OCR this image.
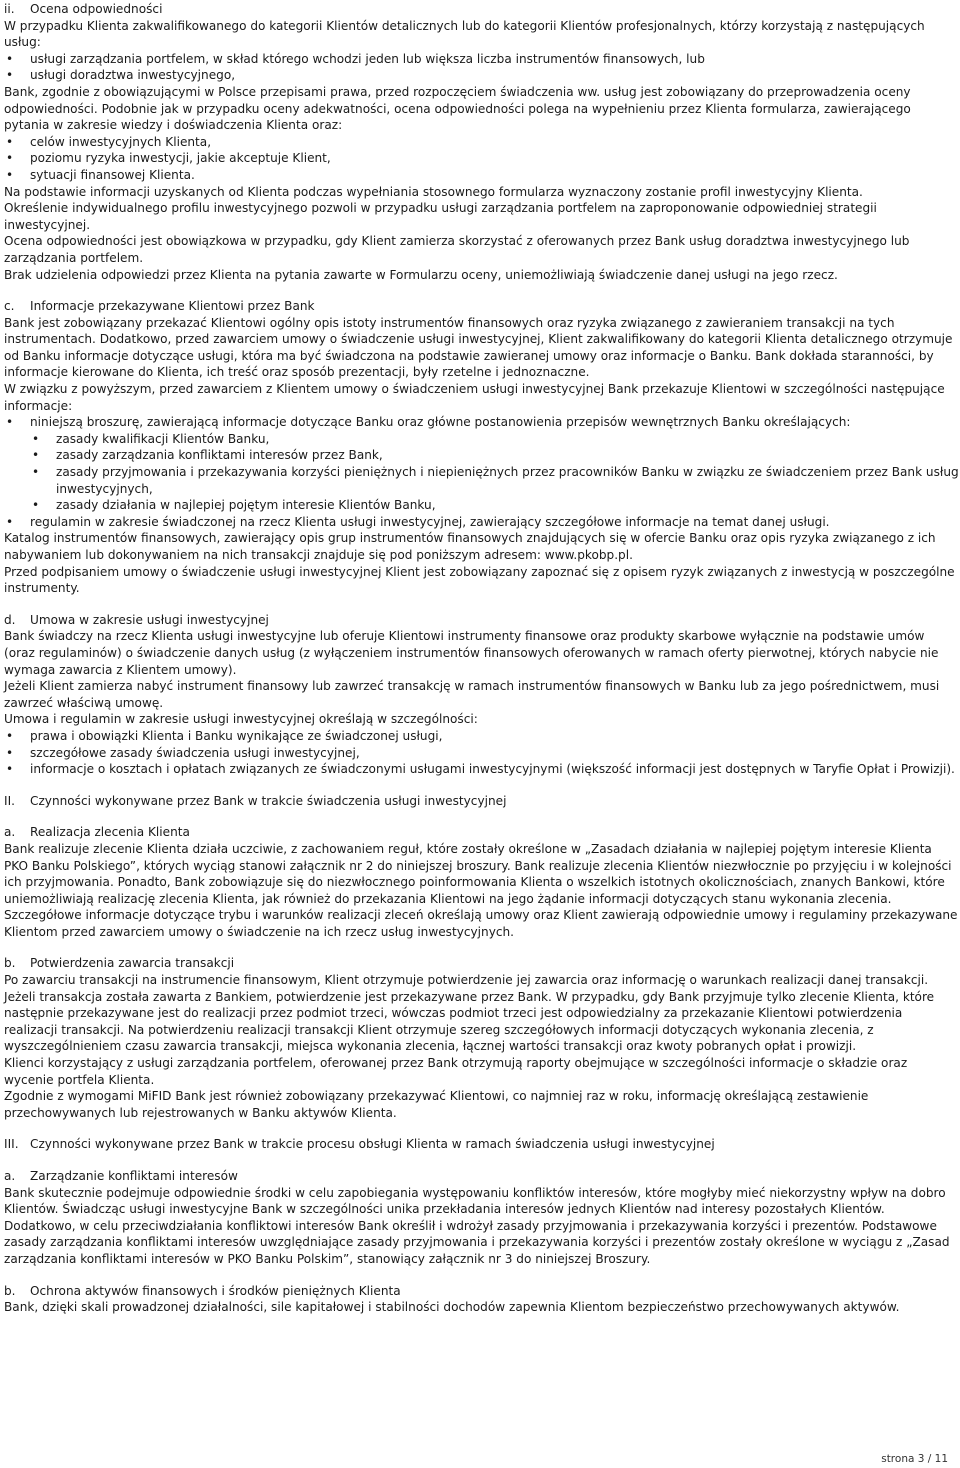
ii. Ocena odpowiedności

W przypadku Klienta zakwalifikowanego do kategorii Klientów detalicznych lub do kategorii Klientów profesjonalnych, którzy korzystają z następujących usług:

• usługi zarządzania portfelem, w skład którego wchodzi jeden lub większa liczba instrumentów finansowych, lub
• usługi doradztwa inwestycyjnego,

Bank, zgodnie z obowiązującymi w Polsce przepisami prawa, przed rozpoczęciem świadczenia ww. usług jest zobowiązany do przeprowadzenia oceny odpowiedności. Podobnie jak w przypadku oceny adekwatności, ocena odpowiedności polega na wypełnieniu przez Klienta formularza, zawierającego pytania w zakresie wiedzy i doświadczenia Klienta oraz:

• celów inwestycyjnych Klienta,
• poziomu ryzyka inwestycji, jakie akceptuje Klient,
• sytuacji finansowej Klienta.

Na podstawie informacji uzyskanych od Klienta podczas wypełniania stosownego formularza wyznaczony zostanie profil inwestycyjny Klienta.

Określenie indywidualnego profilu inwestycyjnego pozwoli w przypadku usługi zarządzania portfelem na zaproponowanie odpowiedniej strategii inwestycyjnej.

Ocena odpowiedności jest obowiązkowa w przypadku, gdy Klient zamierza skorzystać z oferowanych przez Bank usług doradztwa inwestycyjnego lub zarządzania portfelem.

Brak udzielenia odpowiedzi przez Klienta na pytania zawarte w Formularzu oceny, uniemożliwiają świadczenie danej usługi na jego rzecz.

c. Informacje przekazywane Klientowi przez Bank

Bank jest zobowiązany przekazać Klientowi ogólny opis istoty instrumentów finansowych oraz ryzyka związanego z zawieraniem transakcji na tych instrumentach. Dodatkowo, przed zawarciem umowy o świadczenie usługi inwestycyjnej, Klient zakwalifikowany do kategorii Klienta detalicznego otrzymuje od Banku informacje dotyczące usługi, która ma być świadczona na podstawie zawieranej umowy oraz informacje o Banku. Bank dokłada staranności, by informacje kierowane do Klienta, ich treść oraz sposób prezentacji, były rzetelne i jednoznaczne.

W związku z powyższym, przed zawarciem z Klientem umowy o świadczeniem usługi inwestycyjnej Bank przekazuje Klientowi w szczególności następujące informacje:

• niniejszą broszurę, zawierającą informacje dotyczące Banku oraz główne postanowienia przepisów wewnętrznych Banku określających:
• zasady kwalifikacji Klientów Banku,
• zasady zarządzania konfliktami interesów przez Bank,
• zasady przyjmowania i przekazywania korzyści pieniężnych i niepieniężnych przez pracowników Banku w związku ze świadczeniem przez Bank usług inwestycyjnych,
• zasady działania w najlepiej pojętym interesie Klientów Banku,
• regulamin w zakresie świadczonej na rzecz Klienta usługi inwestycyjnej, zawierający szczegółowe informacje na temat danej usługi.

Katalog instrumentów finansowych, zawierający opis grup instrumentów finansowych znajdujących się w ofercie Banku oraz opis ryzyka związanego z ich nabywaniem lub dokonywaniem na nich transakcji znajduje się pod poniższym adresem: www.pkobp.pl.

Przed podpisaniem umowy o świadczenie usługi inwestycyjnej Klient jest zobowiązany zapoznać się z opisem ryzyk związanych z inwestycją w poszczególne instrumenty.

d. Umowa w zakresie usługi inwestycyjnej

Bank świadczy na rzecz Klienta usługi inwestycyjne lub oferuje Klientowi instrumenty finansowe oraz produkty skarbowe wyłącznie na podstawie umów (oraz regulaminów) o świadczenie danych usług (z wyłączeniem instrumentów finansowych oferowanych w ramach oferty pierwotnej, których nabycie nie wymaga zawarcia z Klientem umowy).

Jeżeli Klient zamierza nabyć instrument finansowy lub zawrzeć transakcję w ramach instrumentów finansowych w Banku lub za jego pośrednictwem, musi zawrzeć właściwą umowę.

Umowa i regulamin w zakresie usługi inwestycyjnej określają w szczególności:

• prawa i obowiązki Klienta i Banku wynikające ze świadczonej usługi,
• szczegółowe zasady świadczenia usługi inwestycyjnej,
• informacje o kosztach i opłatach związanych ze świadczonymi usługami inwestycyjnymi (większość informacji jest dostępnych w Taryfie Opłat i Prowizji).

II. Czynności wykonywane przez Bank w trakcie świadczenia usługi inwestycyjnej

a. Realizacja zlecenia Klienta

Bank realizuje zlecenie Klienta działa uczciwie, z zachowaniem reguł, które zostały określone w „Zasadach działania w najlepiej pojętym interesie Klienta PKO Banku Polskiego”, których wyciąg stanowi załącznik nr 2 do niniejszej broszury. Bank realizuje zlecenia Klientów niezwłocznie po przyjęciu i w kolejności ich przyjmowania. Ponadto, Bank zobowiązuje się do niezwłocznego poinformowania Klienta o wszelkich istotnych okolicznościach, znanych Bankowi, które uniemożliwiają realizację zlecenia Klienta, jak również do przekazania Klientowi na jego żądanie informacji dotyczących stanu wykonania zlecenia. Szczegółowe informacje dotyczące trybu i warunków realizacji zleceń określają umowy oraz Klient zawierają odpowiednie umowy i regulaminy przekazywane Klientom przed zawarciem umowy o świadczenie na ich rzecz usług inwestycyjnych.

b. Potwierdzenia zawarcia transakcji

Po zawarciu transakcji na instrumencie finansowym, Klient otrzymuje potwierdzenie jej zawarcia oraz informację o warunkach realizacji danej transakcji. Jeżeli transakcja została zawarta z Bankiem, potwierdzenie jest przekazywane przez Bank. W przypadku, gdy Bank przyjmuje tylko zlecenie Klienta, które następnie przekazywane jest do realizacji przez podmiot trzeci, wówczas podmiot trzeci jest odpowiedzialny za przekazanie Klientowi potwierdzenia realizacji transakcji. Na potwierdzeniu realizacji transakcji Klient otrzymuje szereg szczegółowych informacji dotyczących wykonania zlecenia, z wyszczególnieniem czasu zawarcia transakcji, miejsca wykonania zlecenia, łącznej wartości transakcji oraz kwoty pobranych opłat i prowizji.

Klienci korzystający z usługi zarządzania portfelem, oferowanej przez Bank otrzymują raporty obejmujące w szczególności informacje o składzie oraz wycenie portfela Klienta.

Zgodnie z wymogami MiFID Bank jest również zobowiązany przekazywać Klientowi, co najmniej raz w roku, informację określającą zestawienie przechowywanych lub rejestrowanych w Banku aktywów Klienta.

III. Czynności wykonywane przez Bank w trakcie procesu obsługi Klienta w ramach świadczenia usługi inwestycyjnej

a. Zarządzanie konfliktami interesów

Bank skutecznie podejmuje odpowiednie środki w celu zapobiegania występowaniu konfliktów interesów, które mogłyby mieć niekorzystny wpływ na dobro Klientów. Świadcząc usługi inwestycyjne Bank w szczególności unika przekładania interesów jednych Klientów nad interesy pozostałych Klientów. Dodatkowo, w celu przeciwdziałania konfliktowi interesów Bank określił i wdrożył zasady przyjmowania i przekazywania korzyści i prezentów. Podstawowe zasady zarządzania konfliktami interesów uwzględniające zasady przyjmowania i przekazywania korzyści i prezentów zostały określone w wyciągu z „Zasad zarządzania konfliktami interesów w PKO Banku Polskim”, stanowiący załącznik nr 3 do niniejszej Broszury.

b. Ochrona aktywów finansowych i środków pieniężnych Klienta

Bank, dzięki skali prowadzonej działalności, sile kapitałowej i stabilności dochodów zapewnia Klientom bezpieczeństwo przechowywanych aktywów.

strona 3 / 11
